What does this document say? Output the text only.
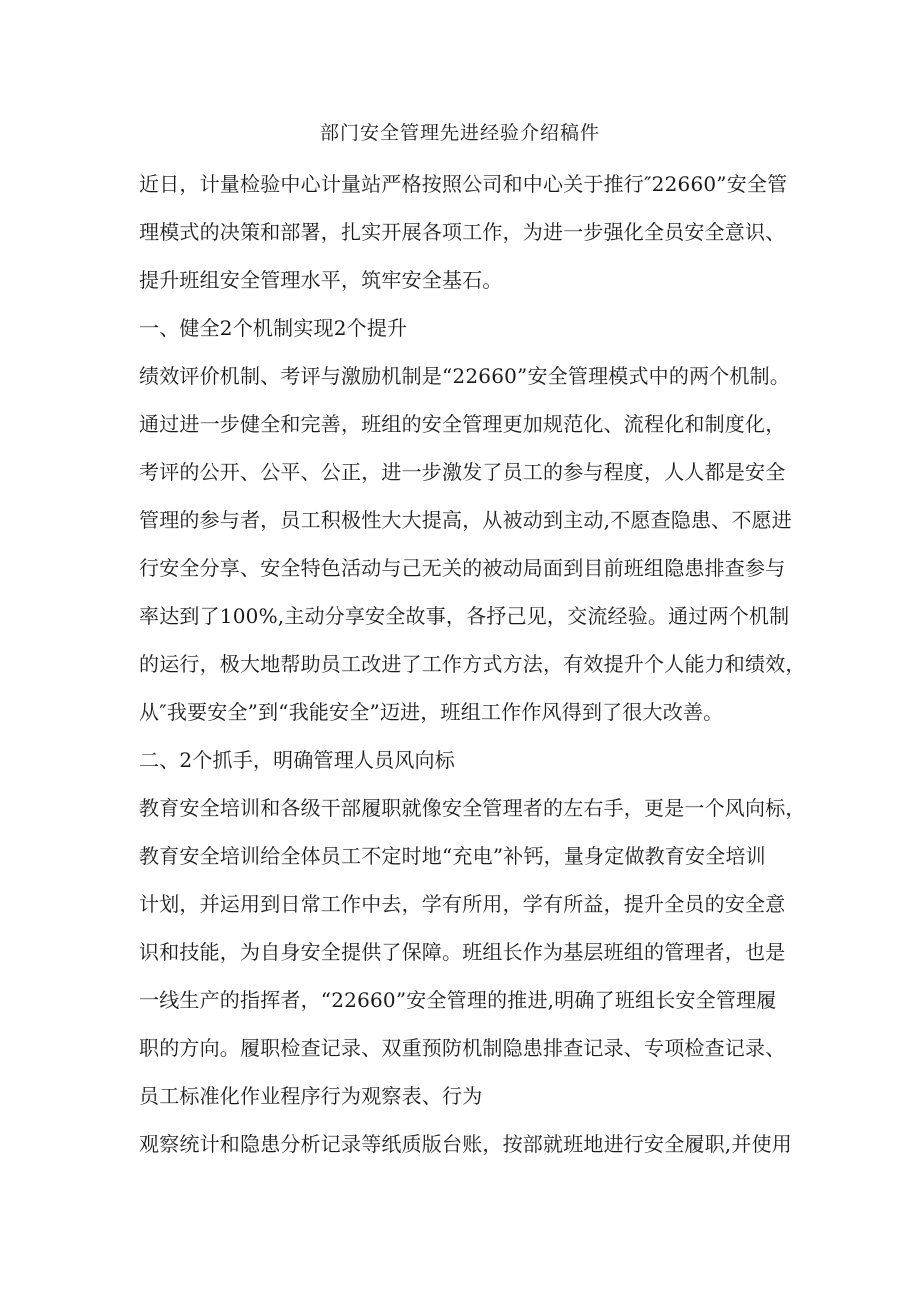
部门安全管理先进经验介绍稿件
近日，计量检验中心计量站严格按照公司和中心关于推行″22660”安全管
理模式的决策和部署，扎实开展各项工作，为进一步强化全员安全意识、
提升班组安全管理水平，筑牢安全基石。
一、健全2个机制实现2个提升
绩效评价机制、考评与激励机制是“22660”安全管理模式中的两个机制。
通过进一步健全和完善，班组的安全管理更加规范化、流程化和制度化，
考评的公开、公平、公正，进一步激发了员工的参与程度，人人都是安全
管理的参与者，员工积极性大大提高，从被动到主动,不愿查隐患、不愿进
行安全分享、安全特色活动与己无关的被动局面到目前班组隐患排查参与
率达到了100%,主动分享安全故事，各抒己见，交流经验。通过两个机制
的运行，极大地帮助员工改进了工作方式方法，有效提升个人能力和绩效，
从″我要安全”到“我能安全”迈进，班组工作作风得到了很大改善。
二、2个抓手，明确管理人员风向标
教育安全培训和各级干部履职就像安全管理者的左右手，更是一个风向标，
教育安全培训给全体员工不定时地“充电”补钙，量身定做教育安全培训
计划，并运用到日常工作中去，学有所用，学有所益，提升全员的安全意
识和技能，为自身安全提供了保障。班组长作为基层班组的管理者，也是
一线生产的指挥者，“22660”安全管理的推进,明确了班组长安全管理履
职的方向。履职检查记录、双重预防机制隐患排查记录、专项检查记录、
员工标准化作业程序行为观察表、行为
观察统计和隐患分析记录等纸质版台账，按部就班地进行安全履职,并使用
